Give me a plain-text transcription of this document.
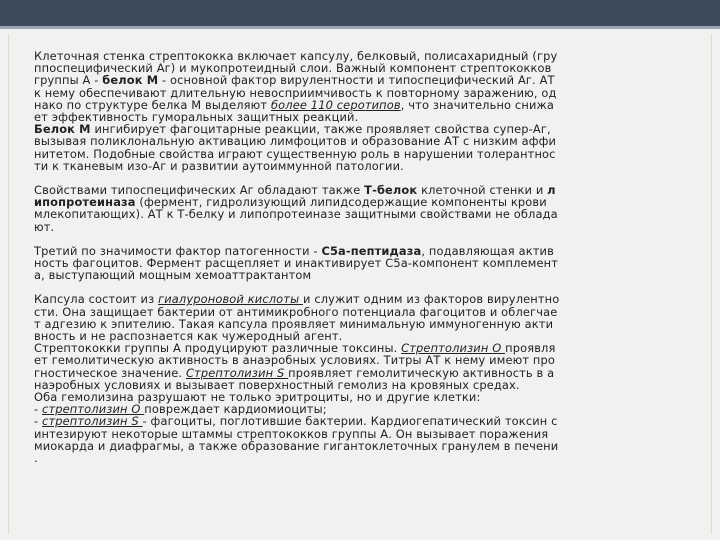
Клеточная стенка стрептококка включает капсулу, белковый, полисахаридный (гру

ппоспецифический Аг) и мукопротеидный слои. Важный компонент стрептококков

группы А - белок М - основной фактор вирулентности и типоспецифический Аг. АТ

к нему обеспечивают длительную невосприимчивость к повторному заражению, од

нако по структуре белка М выделяют более 110 серотипов, что значительно снижа

ет эффективность гуморальных защитных реакций.

Белок М ингибирует фагоцитарные реакции, также проявляет свойства супер-Аг,

вызывая поликлональную активацию лимфоцитов и образование АТ с низким аффи

нитетом. Подобные свойства играют существенную роль в нарушении толерантнос

ти к тканевым изо-Аг и развитии аутоиммунной патологии.

Свойствами типоспецифических Аг обладают также Т-белок клеточной стенки и л

ипопротеиназа (фермент, гидролизующий липидсодержащие компоненты крови

млекопитающих). АТ к Т-белку и липопротеиназе защитными свойствами не облада

ют.

Третий по значимости фактор патогенности - С5а-пептидаза, подавляющая актив

ность фагоцитов. Фермент расщепляет и инактивирует С5а-компонент комплемент

а, выступающий мощным хемоаттрактантом

Капсула состоит из гиалуроновой кислоты и служит одним из факторов вирулентно

сти. Она защищает бактерии от антимикробного потенциала фагоцитов и облегчае

т адгезию к эпителию. Такая капсула проявляет минимальную иммуногенную акти

вность и не распознается как чужеродный агент.

Стрептококки группы А продуцируют различные токсины. Стрептолизин О проявля

ет гемолитическую активность в анаэробных условиях. Титры АТ к нему имеют про

гностическое значение. Стрептолизин S проявляет гемолитическую активность в а

наэробных условиях и вызывает поверхностный гемолиз на кровяных средах.

Оба гемолизина разрушают не только эритроциты, но и другие клетки:

- стрептолизин О повреждает кардиомиоциты;

- стрептолизин S - фагоциты, поглотившие бактерии. Кардиогепатический токсин с

интезируют некоторые штаммы стрептококков группы А. Он вызывает поражения

миокарда и диафрагмы, а также образование гигантоклеточных гранулем в печени

.
